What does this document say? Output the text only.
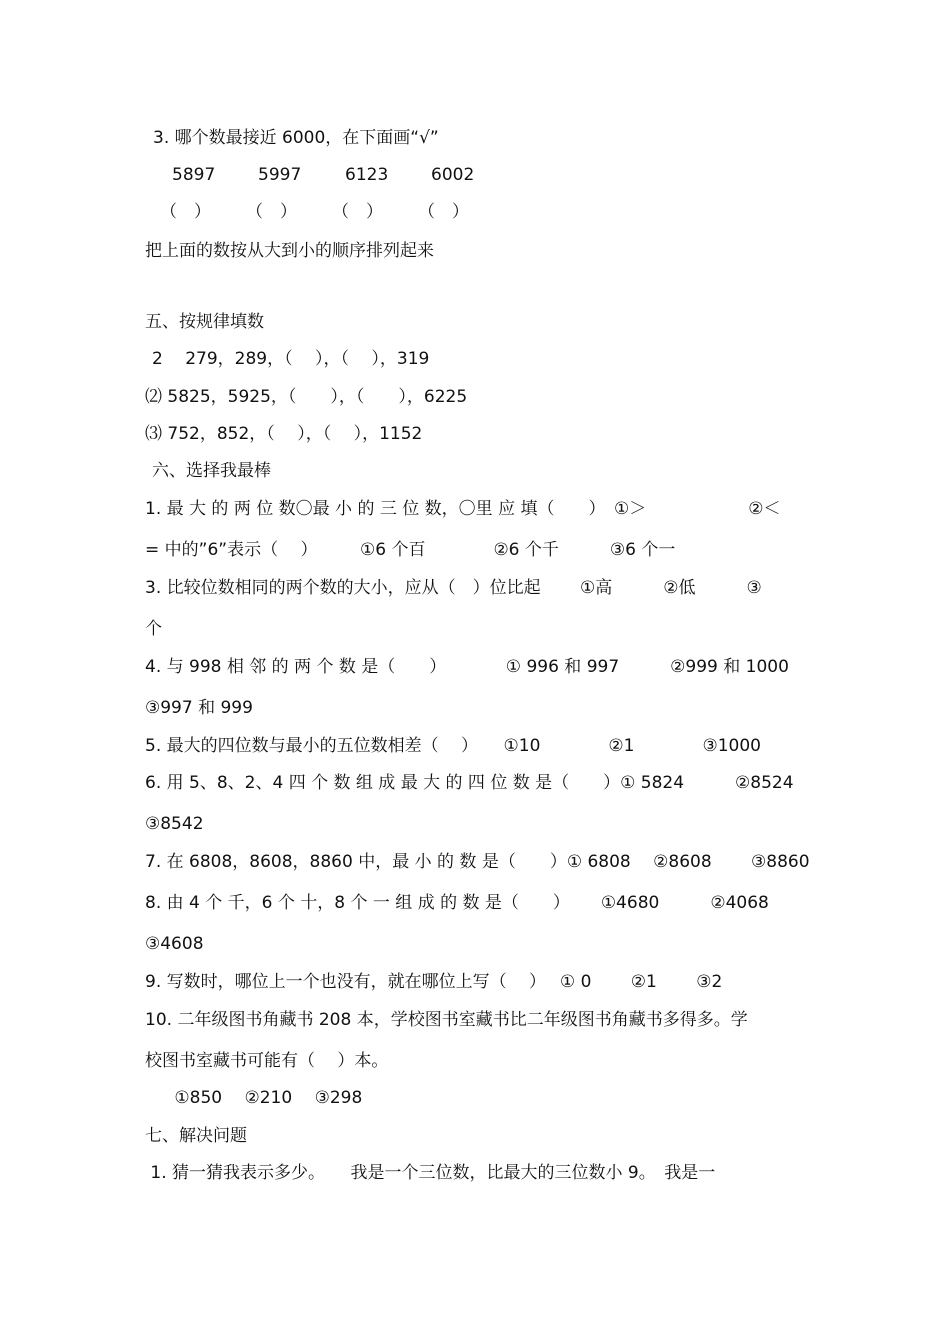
3. 哪个数最接近 6000，在下面画“√”
5897	5997	6123	6002
（　） （　） （　） （　）
把上面的数按从大到小的顺序排列起来
五、按规律填数
2　 279，289，（　 ），（　 ），319
⑵ 5825，5925，（　　），（　　），6225
⑶ 752，852，（　 ），（　 ），1152
六、选择我最棒
1. 最 大 的 两 位 数〇最 小 的 三 位 数，〇里 应 填（　　）　①＞　　　　　　②＜
= 中的”6”表示（　 ）　　　①6 个百　　　　②6 个千　　　③6 个一
3. 比较位数相同的两个数的大小，应从（　）位比起　　 ①高　　　②低　　　③
个
4. 与 998 相 邻 的 两 个 数 是（　　）　　　　① 996 和 997　　　②999 和 1000
③997 和 999
5. 最大的四位数与最小的五位数相差（　 ）　　①10　　　　②1　　　　③1000
6. 用 5、8、2、4 四 个 数 组 成 最 大 的 四 位 数 是（　　）① 5824　　　②8524
③8542
7. 在 6808，8608，8860 中，最 小 的 数 是（　　）① 6808　 ②8608　　 ③8860
8. 由 4 个 千，6 个 十，8 个 一 组 成 的 数 是（　　）　　 ①4680　　　②4068
③4608
9. 写数时，哪位上一个也没有，就在哪位上写（　 ）　 ① 0　　 ②1　　 ③2
10. 二年级图书角藏书 208 本，学校图书室藏书比二年级图书角藏书多得多。学
校图书室藏书可能有（　 ）本。
　 ①850　 ②210　 ③298
七、解决问题
1. 猜一猜我表示多少。　　我是一个三位数，比最大的三位数小 9。　我是一
